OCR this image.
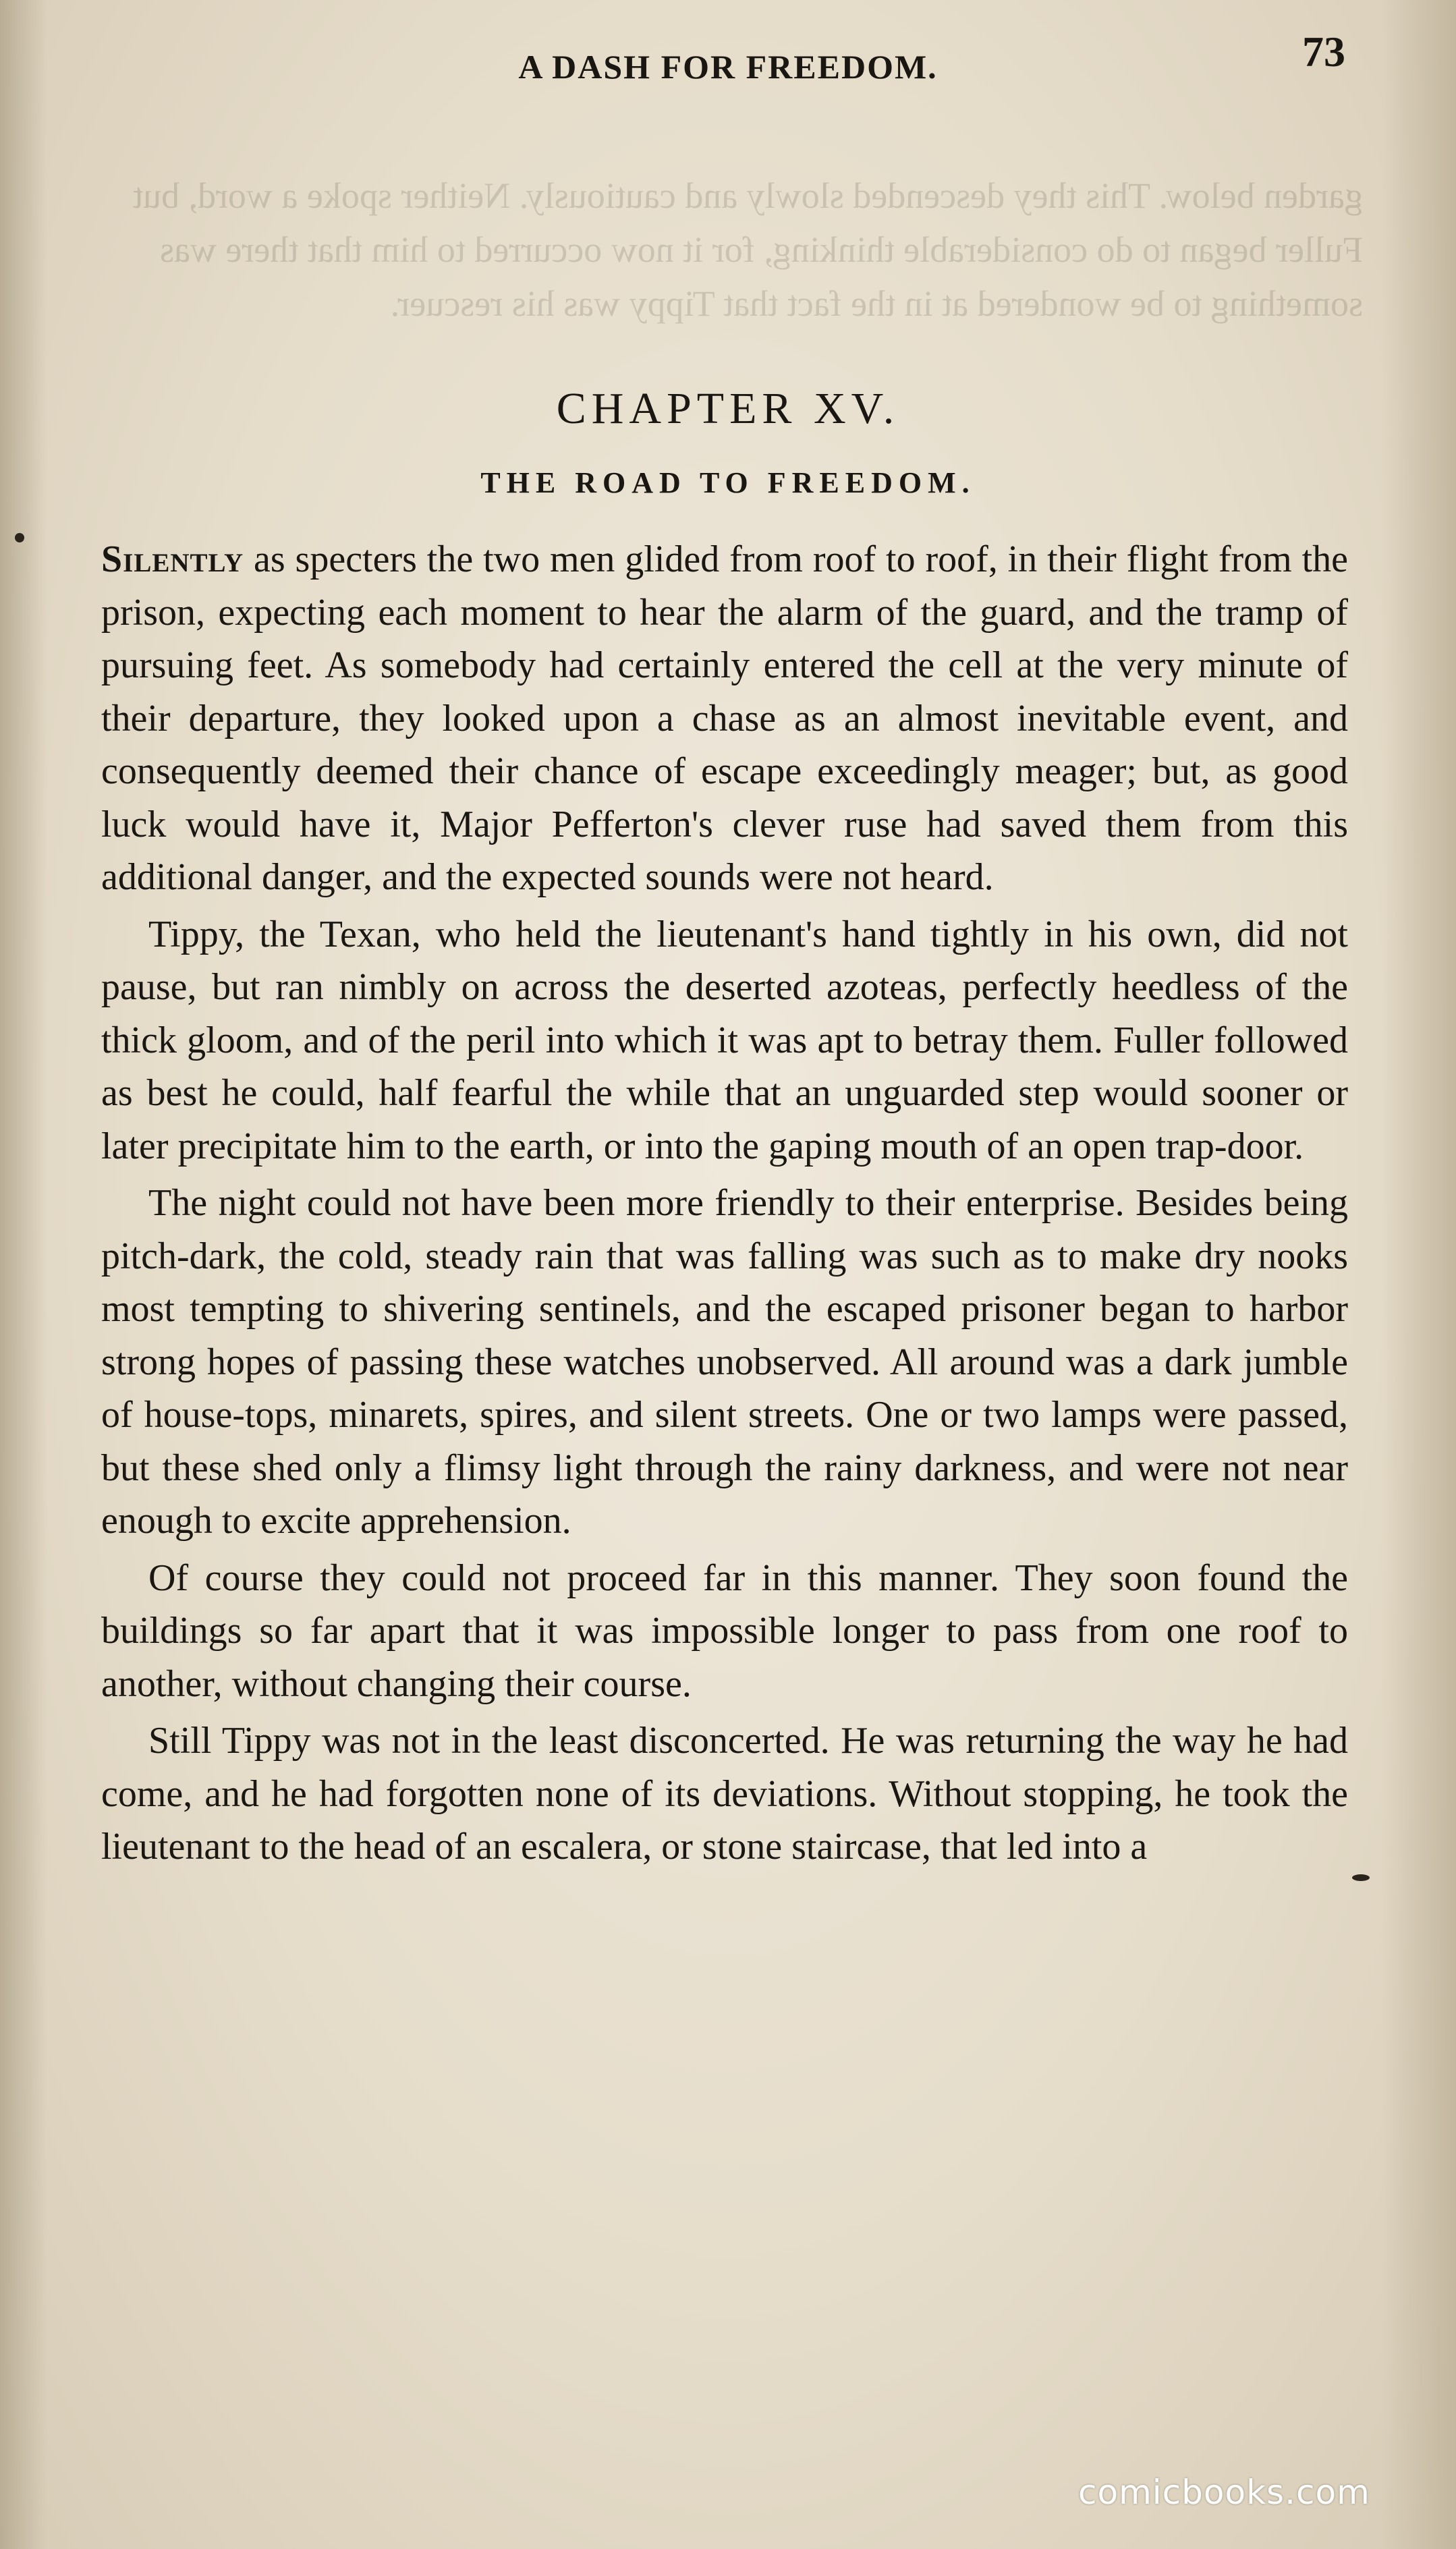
garden below. This they descended slowly and cautiously. Neither spoke a word, but Fuller began to do considerable thinking, for it now occurred to him that there was something to be wondered at in the fact that Tippy was his rescuer.
A DASH FOR FREEDOM.	73
CHAPTER XV.
THE ROAD TO FREEDOM.

Silently as specters the two men glided from roof to roof, in their flight from the prison, expecting each moment to hear the alarm of the guard, and the tramp of pursuing feet. As somebody had certainly entered the cell at the very minute of their departure, they looked upon a chase as an almost inevitable event, and consequently deemed their chance of escape exceedingly meager; but, as good luck would have it, Major Pefferton's clever ruse had saved them from this additional danger, and the expected sounds were not heard.

Tippy, the Texan, who held the lieutenant's hand tightly in his own, did not pause, but ran nimbly on across the deserted azoteas, perfectly heedless of the thick gloom, and of the peril into which it was apt to betray them. Fuller followed as best he could, half fearful the while that an unguarded step would sooner or later precipitate him to the earth, or into the gaping mouth of an open trap-door.

The night could not have been more friendly to their enterprise. Besides being pitch-dark, the cold, steady rain that was falling was such as to make dry nooks most tempting to shivering sentinels, and the escaped prisoner began to harbor strong hopes of passing these watches unobserved. All around was a dark jumble of house-tops, minarets, spires, and silent streets. One or two lamps were passed, but these shed only a flimsy light through the rainy darkness, and were not near enough to excite apprehension.

Of course they could not proceed far in this manner. They soon found the buildings so far apart that it was impossible longer to pass from one roof to another, without changing their course.

Still Tippy was not in the least disconcerted. He was returning the way he had come, and he had forgotten none of its deviations. Without stopping, he took the lieutenant to the head of an escalera, or stone staircase, that led into a

comicbooks.com
